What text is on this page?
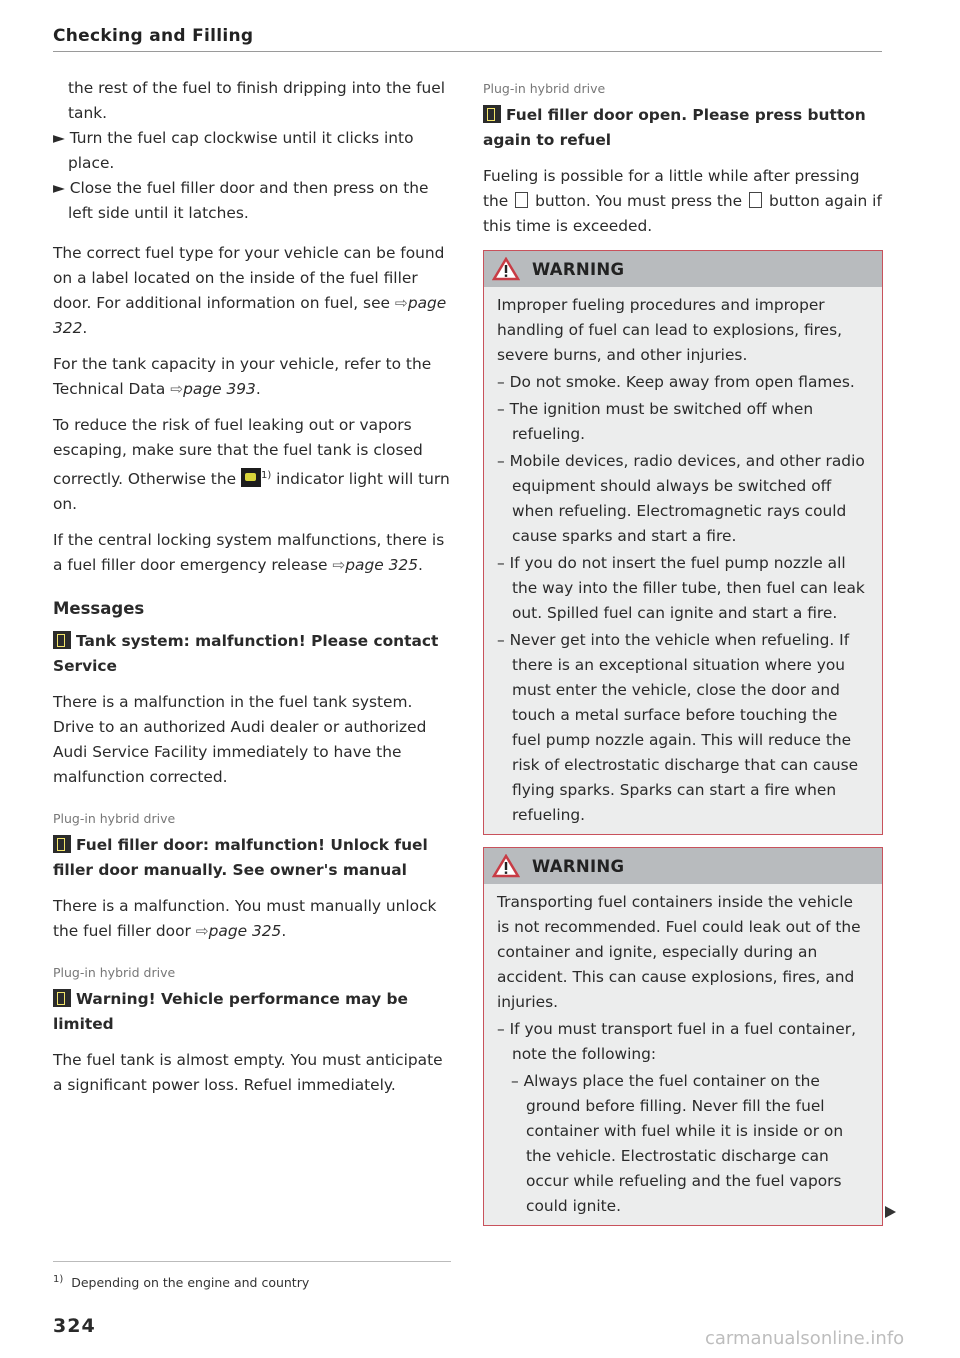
Checking and Filling

the rest of the fuel to finish dripping into the fuel tank.

► Turn the fuel cap clockwise until it clicks into place.

► Close the fuel filler door and then press on the left side until it latches.

The correct fuel type for your vehicle can be found on a label located on the inside of the fuel filler door. For additional information on fuel, see ⇨page 322.

For the tank capacity in your vehicle, refer to the Technical Data ⇨page 393.

To reduce the risk of fuel leaking out or vapors escaping, make sure that the fuel tank is closed correctly. Otherwise the $^{1)}$ indicator light will turn on.

If the central locking system malfunctions, there is a fuel filler door emergency release ⇨page 325.

Messages

Tank system: malfunction! Please contact Service

There is a malfunction in the fuel tank system. Drive to an authorized Audi dealer or authorized Audi Service Facility immediately to have the malfunction corrected.

Plug-in hybrid drive

Fuel filler door: malfunction! Unlock fuel filler door manually. See owner's manual

There is a malfunction. You must manually unlock the fuel filler door ⇨page 325.

Plug-in hybrid drive

Warning! Vehicle performance may be limited

The fuel tank is almost empty. You must anticipate a significant power loss. Refuel immediately.

Plug-in hybrid drive

Fuel filler door open. Please press button again to refuel

Fueling is possible for a little while after pressing the button. You must press the button again if this time is exceeded.

WARNING

Improper fueling procedures and improper handling of fuel can lead to explosions, fires, severe burns, and other injuries.

– Do not smoke. Keep away from open flames.

– The ignition must be switched off when refueling.

– Mobile devices, radio devices, and other radio equipment should always be switched off when refueling. Electromagnetic rays could cause sparks and start a fire.

– If you do not insert the fuel pump nozzle all the way into the filler tube, then fuel can leak out. Spilled fuel can ignite and start a fire.

– Never get into the vehicle when refueling. If there is an exceptional situation where you must enter the vehicle, close the door and touch a metal surface before touching the fuel pump nozzle again. This will reduce the risk of electrostatic discharge that can cause flying sparks. Sparks can start a fire when refueling.

WARNING

Transporting fuel containers inside the vehicle is not recommended. Fuel could leak out of the container and ignite, especially during an accident. This can cause explosions, fires, and injuries.

– If you must transport fuel in a fuel container, note the following:

– Always place the fuel container on the ground before filling. Never fill the fuel container with fuel while it is inside or on the vehicle. Electrostatic discharge can occur while refueling and the fuel vapors could ignite.

$^{1)}$ Depending on the engine and country
324
carmanualsonline.info
